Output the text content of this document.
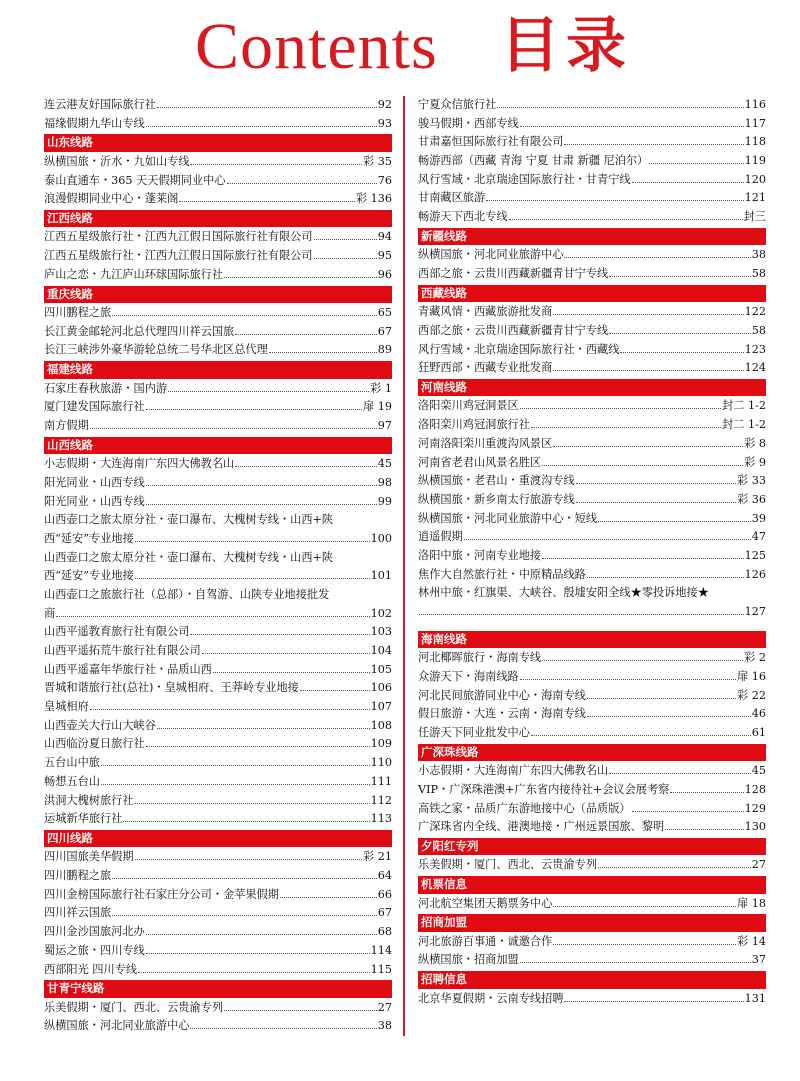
Contents 目录
连云港友好国际旅行社	92
福缘假期九华山专线	93
山东线路
纵横国旅・沂水・九如山专线	彩 35
泰山直通车・365 天天假期同业中心	76
浪漫假期同业中心・蓬莱阁	彩 136
江西线路
江西五星级旅行社・江西九江假日国际旅行社有限公司	94
江西五星级旅行社・江西九江假日国际旅行社有限公司	95
庐山之恋・九江庐山环球国际旅行社	96
重庆线路
四川鹏程之旅	65
长江黄金邮轮河北总代理四川祥云国旅	67
长江三峡涉外豪华游轮总统二号华北区总代理	89
福建线路
石家庄春秋旅游・国内游	彩 1
厦门建发国际旅行社	扉 19
南方假期	97
山西线路
小志假期・大连海南广东四大佛教名山	45
阳光同业・山西专线	98
阳光同业・山西专线	99
山西壶口之旅太原分社・壶口瀑布、大槐树专线・山西+陕
西“延安”专业地接	100
山西壶口之旅太原分社・壶口瀑布、大槐树专线・山西+陕
西“延安”专业地接	101
山西壶口之旅旅行社（总部）・自驾游、山陕专业地接批发
商	102
山西平遥教育旅行社有限公司	103
山西平遥拓荒牛旅行社有限公司	104
山西平遥嘉年华旅行社・品质山西	105
晋城和谐旅行社(总社)・皇城相府、王莽岭专业地接	106
皇城相府	107
山西壶关大行山大峡谷	108
山西临汾夏日旅行社	109
五台山中旅	110
畅想五台山	111
洪洞大槐树旅行社	112
运城新华旅行社	113
四川线路
四川国旅美华假期	彩 21
四川鹏程之旅	64
四川金榜国际旅行社石家庄分公司・金苹果假期	66
四川祥云国旅	67
四川金沙国旅河北办	68
蜀运之旅・四川专线	114
西部阳光 四川专线	115
甘青宁线路
乐美假期・厦门、西北、云贵渝专列	27
纵横国旅・河北同业旅游中心	38
宁夏众信旅行社	116
骏马假期・西部专线	117
甘肃嘉恒国际旅行社有限公司	118
畅游西部（西藏 青海 宁夏 甘肃 新疆 尼泊尔）	119
风行雪域・北京瑞途国际旅行社・甘青宁线	120
甘南藏区旅游	121
畅游天下西北专线	封三
新疆线路
纵横国旅・河北同业旅游中心	38
西部之旅・云贵川西藏新疆青甘宁专线	58
西藏线路
青藏风情・西藏旅游批发商	122
西部之旅・云贵川西藏新疆青甘宁专线	58
风行雪域・北京瑞途国际旅行社・西藏线	123
狂野西部・西藏专业批发商	124
河南线路
洛阳栾川鸡冠洞景区	封二 1-2
洛阳栾川鸡冠洞旅行社	封二 1-2
河南洛阳栾川重渡沟风景区	彩 8
河南省老君山风景名胜区	彩 9
纵横国旅・老君山・重渡沟专线	彩 33
纵横国旅・新乡南太行旅游专线	彩 36
纵横国旅・河北同业旅游中心・短线	39
逍遥假期	47
洛阳中旅・河南专业地接	125
焦作大自然旅行社・中原精品线路	126
林州中旅・红旗渠、大峡谷、殷墟安阳全线★零投诉地接★
127
海南线路
河北椰晖旅行・海南专线	彩 2
众游天下・海南线路	扉 16
河北民间旅游同业中心・海南专线	彩 22
假日旅游・大连・云南・海南专线	46
任游天下同业批发中心	61
广深珠线路
小志假期・大连海南广东四大佛教名山	45
VIP・广深珠港澳+广东省内接待社+会议会展考察	128
高铁之家・品质广东游地接中心（品质版）	129
广深珠省内全线、港澳地接・广州远景国旅、黎明	130
夕阳红专列
乐美假期・厦门、西北、云贵渝专列	27
机票信息
河北航空集团天鹅票务中心	扉 18
招商加盟
河北旅游百事通・诚邀合作	彩 14
纵横国旅・招商加盟	37
招聘信息
北京华夏假期・云南专线招聘	131
